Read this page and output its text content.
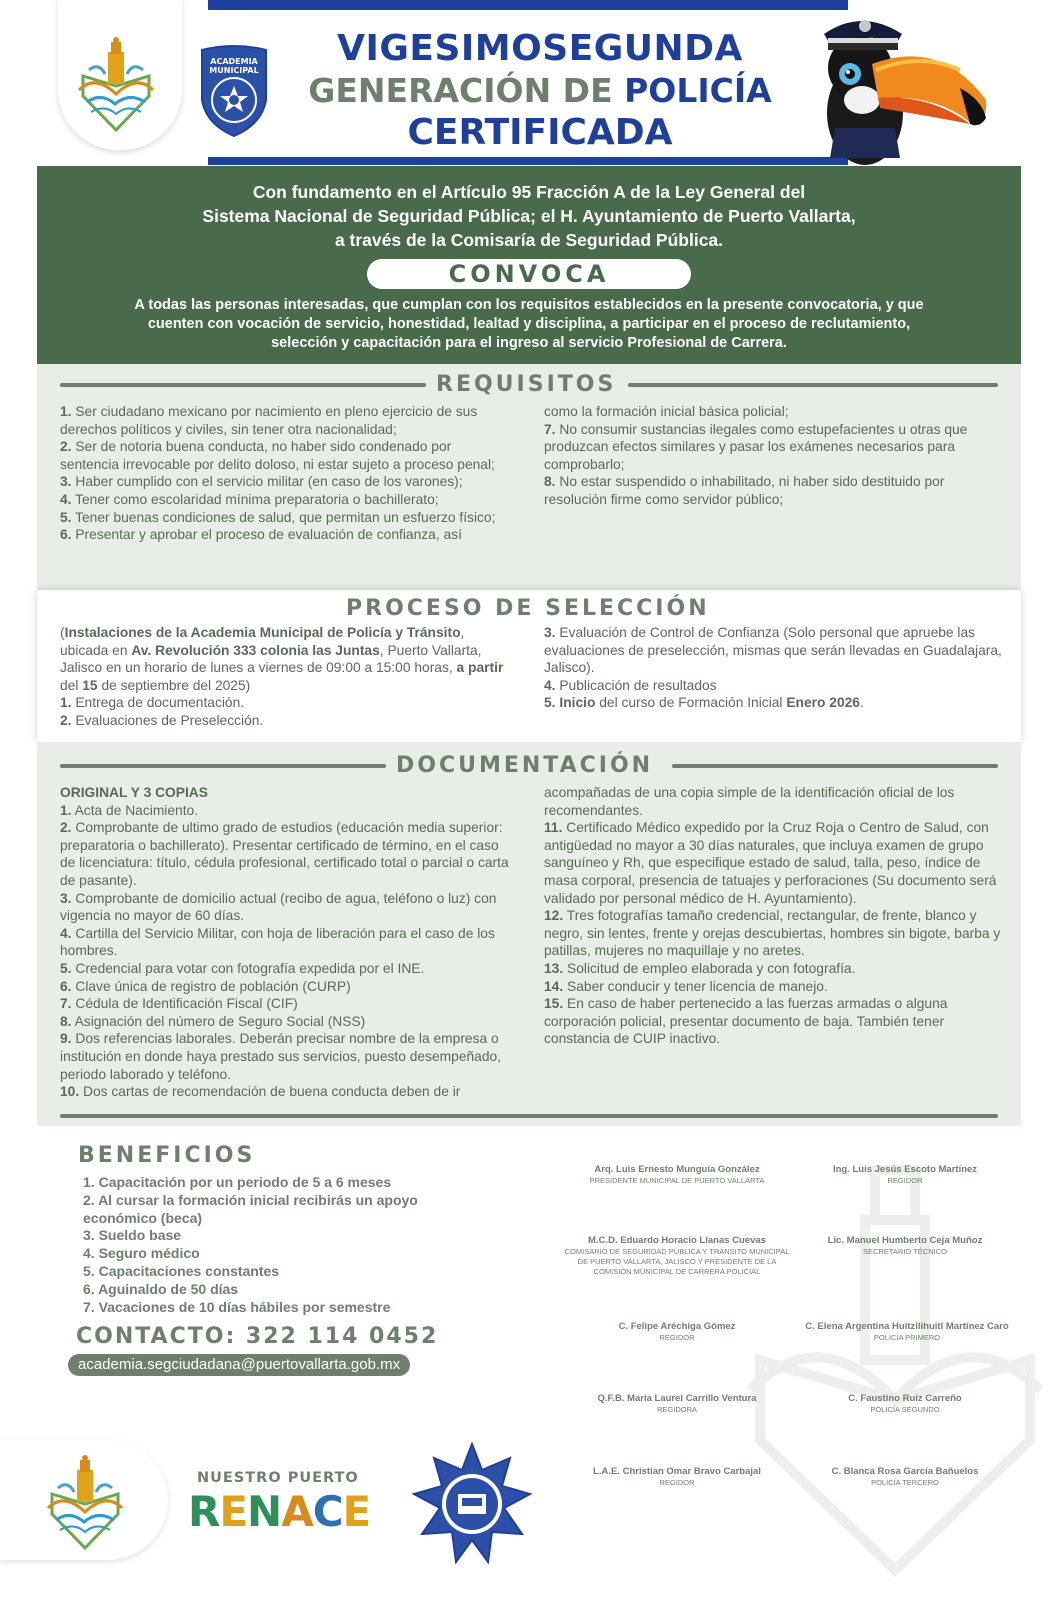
ACADEMIA
MUNICIPAL
VIGESIMOSEGUNDA
GENERACIÓN DE POLICÍA
CERTIFICADA
Con fundamento en el Artículo 95 Fracción A de la Ley General del
Sistema Nacional de Seguridad Pública; el H. Ayuntamiento de Puerto Vallarta,
a través de la Comisaría de Seguridad Pública.
CONVOCA
A todas las personas interesadas, que cumplan con los requisitos establecidos en la presente convocatoria, y que
cuenten con vocación de servicio, honestidad, lealtad y disciplina, a participar en el proceso de reclutamiento,
selección y capacitación para el ingreso al servicio Profesional de Carrera.
REQUISITOS

1. Ser ciudadano mexicano por nacimiento en pleno ejercicio de sus derechos políticos y civiles, sin tener otra nacionalidad;

2. Ser de notoria buena conducta, no haber sido condenado por sentencia irrevocable por delito doloso, ni estar sujeto a proceso penal;

3. Haber cumplido con el servicio militar (en caso de los varones);

4. Tener como escolaridad mínima preparatoria o bachillerato;

5. Tener buenas condiciones de salud, que permitan un esfuerzo físico;

6. Presentar y aprobar el proceso de evaluación de confianza, así

como la formación inicial básica policial;

7. No consumir sustancias ilegales como estupefacientes u otras que produzcan efectos similares y pasar los exámenes necesarios para comprobarlo;

8. No estar suspendido o inhabilitado, ni haber sido destituido por resolución firme como servidor público;

PROCESO DE SELECCIÓN

(Instalaciones de la Academia Municipal de Policía y Tránsito, ubicada en Av. Revolución 333 colonia las Juntas, Puerto Vallarta, Jalisco en un horario de lunes a viernes de 09:00 a 15:00 horas, a partir del 15 de septiembre del 2025)

1. Entrega de documentación.

2. Evaluaciones de Preselección.

3. Evaluación de Control de Confianza (Solo personal que apruebe las evaluaciones de preselección, mismas que serán llevadas en Guadalajara, Jalisco).

4. Publicación de resultados

5. Inicio del curso de Formación Inicial Enero 2026.

DOCUMENTACIÓN

ORIGINAL Y 3 COPIAS

1. Acta de Nacimiento.

2. Comprobante de ultimo grado de estudios (educación media superior: preparatoria o bachillerato). Presentar certificado de término, en el caso de licenciatura: título, cédula profesional, certificado total o parcial o carta de pasante).

3. Comprobante de domicilio actual (recibo de agua, teléfono o luz) con vigencia no mayor de 60 días.

4. Cartilla del Servicio Militar, con hoja de liberación para el caso de los hombres.

5. Credencial para votar con fotografía expedida por el INE.

6. Clave única de registro de población (CURP)

7. Cédula de Identificación Fiscal (CIF)

8. Asignación del número de Seguro Social (NSS)

9. Dos referencias laborales. Deberán precisar nombre de la empresa o institución en donde haya prestado sus servicios, puesto desempeñado, periodo laborado y teléfono.

10. Dos cartas de recomendación de buena conducta deben de ir

acompañadas de una copia simple de la identificación oficial de los recomendantes.

11. Certificado Médico expedido por la Cruz Roja o Centro de Salud, con antigüedad no mayor a 30 días naturales, que incluya examen de grupo sanguíneo y Rh, que especifique estado de salud, talla, peso, índice de masa corporal, presencia de tatuajes y perforaciones (Su documento será validado por personal médico de H. Ayuntamiento).

12. Tres fotografías tamaño credencial, rectangular, de frente, blanco y negro, sin lentes, frente y orejas descubiertas, hombres sin bigote, barba y patillas, mujeres no maquillaje y no aretes.

13. Solicitud de empleo elaborada y con fotografía.

14. Saber conducir y tener licencia de manejo.

15. En caso de haber pertenecido a las fuerzas armadas o alguna corporación policial, presentar documento de baja. También tener constancia de CUIP inactivo.

BENEFICIOS

1. Capacitación por un periodo de 5 a 6 meses

2. Al cursar la formación inicial recibirás un apoyo económico (beca)

3. Sueldo base

4. Seguro médico

5. Capacitaciones constantes

6. Aguinaldo de 50 días

7. Vacaciones de 10 días hábiles por semestre

CONTACTO: 322 114 0452
academia.segciudadana@puertovallarta.gob.mx
Arq. Luis Ernesto Munguía González
PRESIDENTE MUNICIPAL DE PUERTO VALLARTA
Ing. Luis Jesús Escoto Martínez
REGIDOR
M.C.D. Eduardo Horacio Llanas Cuevas
COMISARIO DE SEGURIDAD PÚBLICA Y TRÁNSITO MUNICIPAL DE PUERTO VALLARTA, JALISCO Y PRESIDENTE DE LA COMISIÓN MUNICIPAL DE CARRERA POLICIAL
Lic. Manuel Humberto Ceja Muñoz
SECRETARIO TÉCNICO
C. Felipe Aréchiga Gómez
REGIDOR
C. Elena Argentina Huitzilihuitl Martínez Caro
POLICÍA PRIMERO
Q.F.B. María Laurel Carrillo Ventura
REGIDORA
C. Faustino Ruiz Carreño
POLICÍA SEGUNDO
L.A.E. Christian Omar Bravo Carbajal
REGIDOR
C. Blanca Rosa García Bañuelos
POLICÍA TERCERO
NUESTRO PUERTO
RENACE
